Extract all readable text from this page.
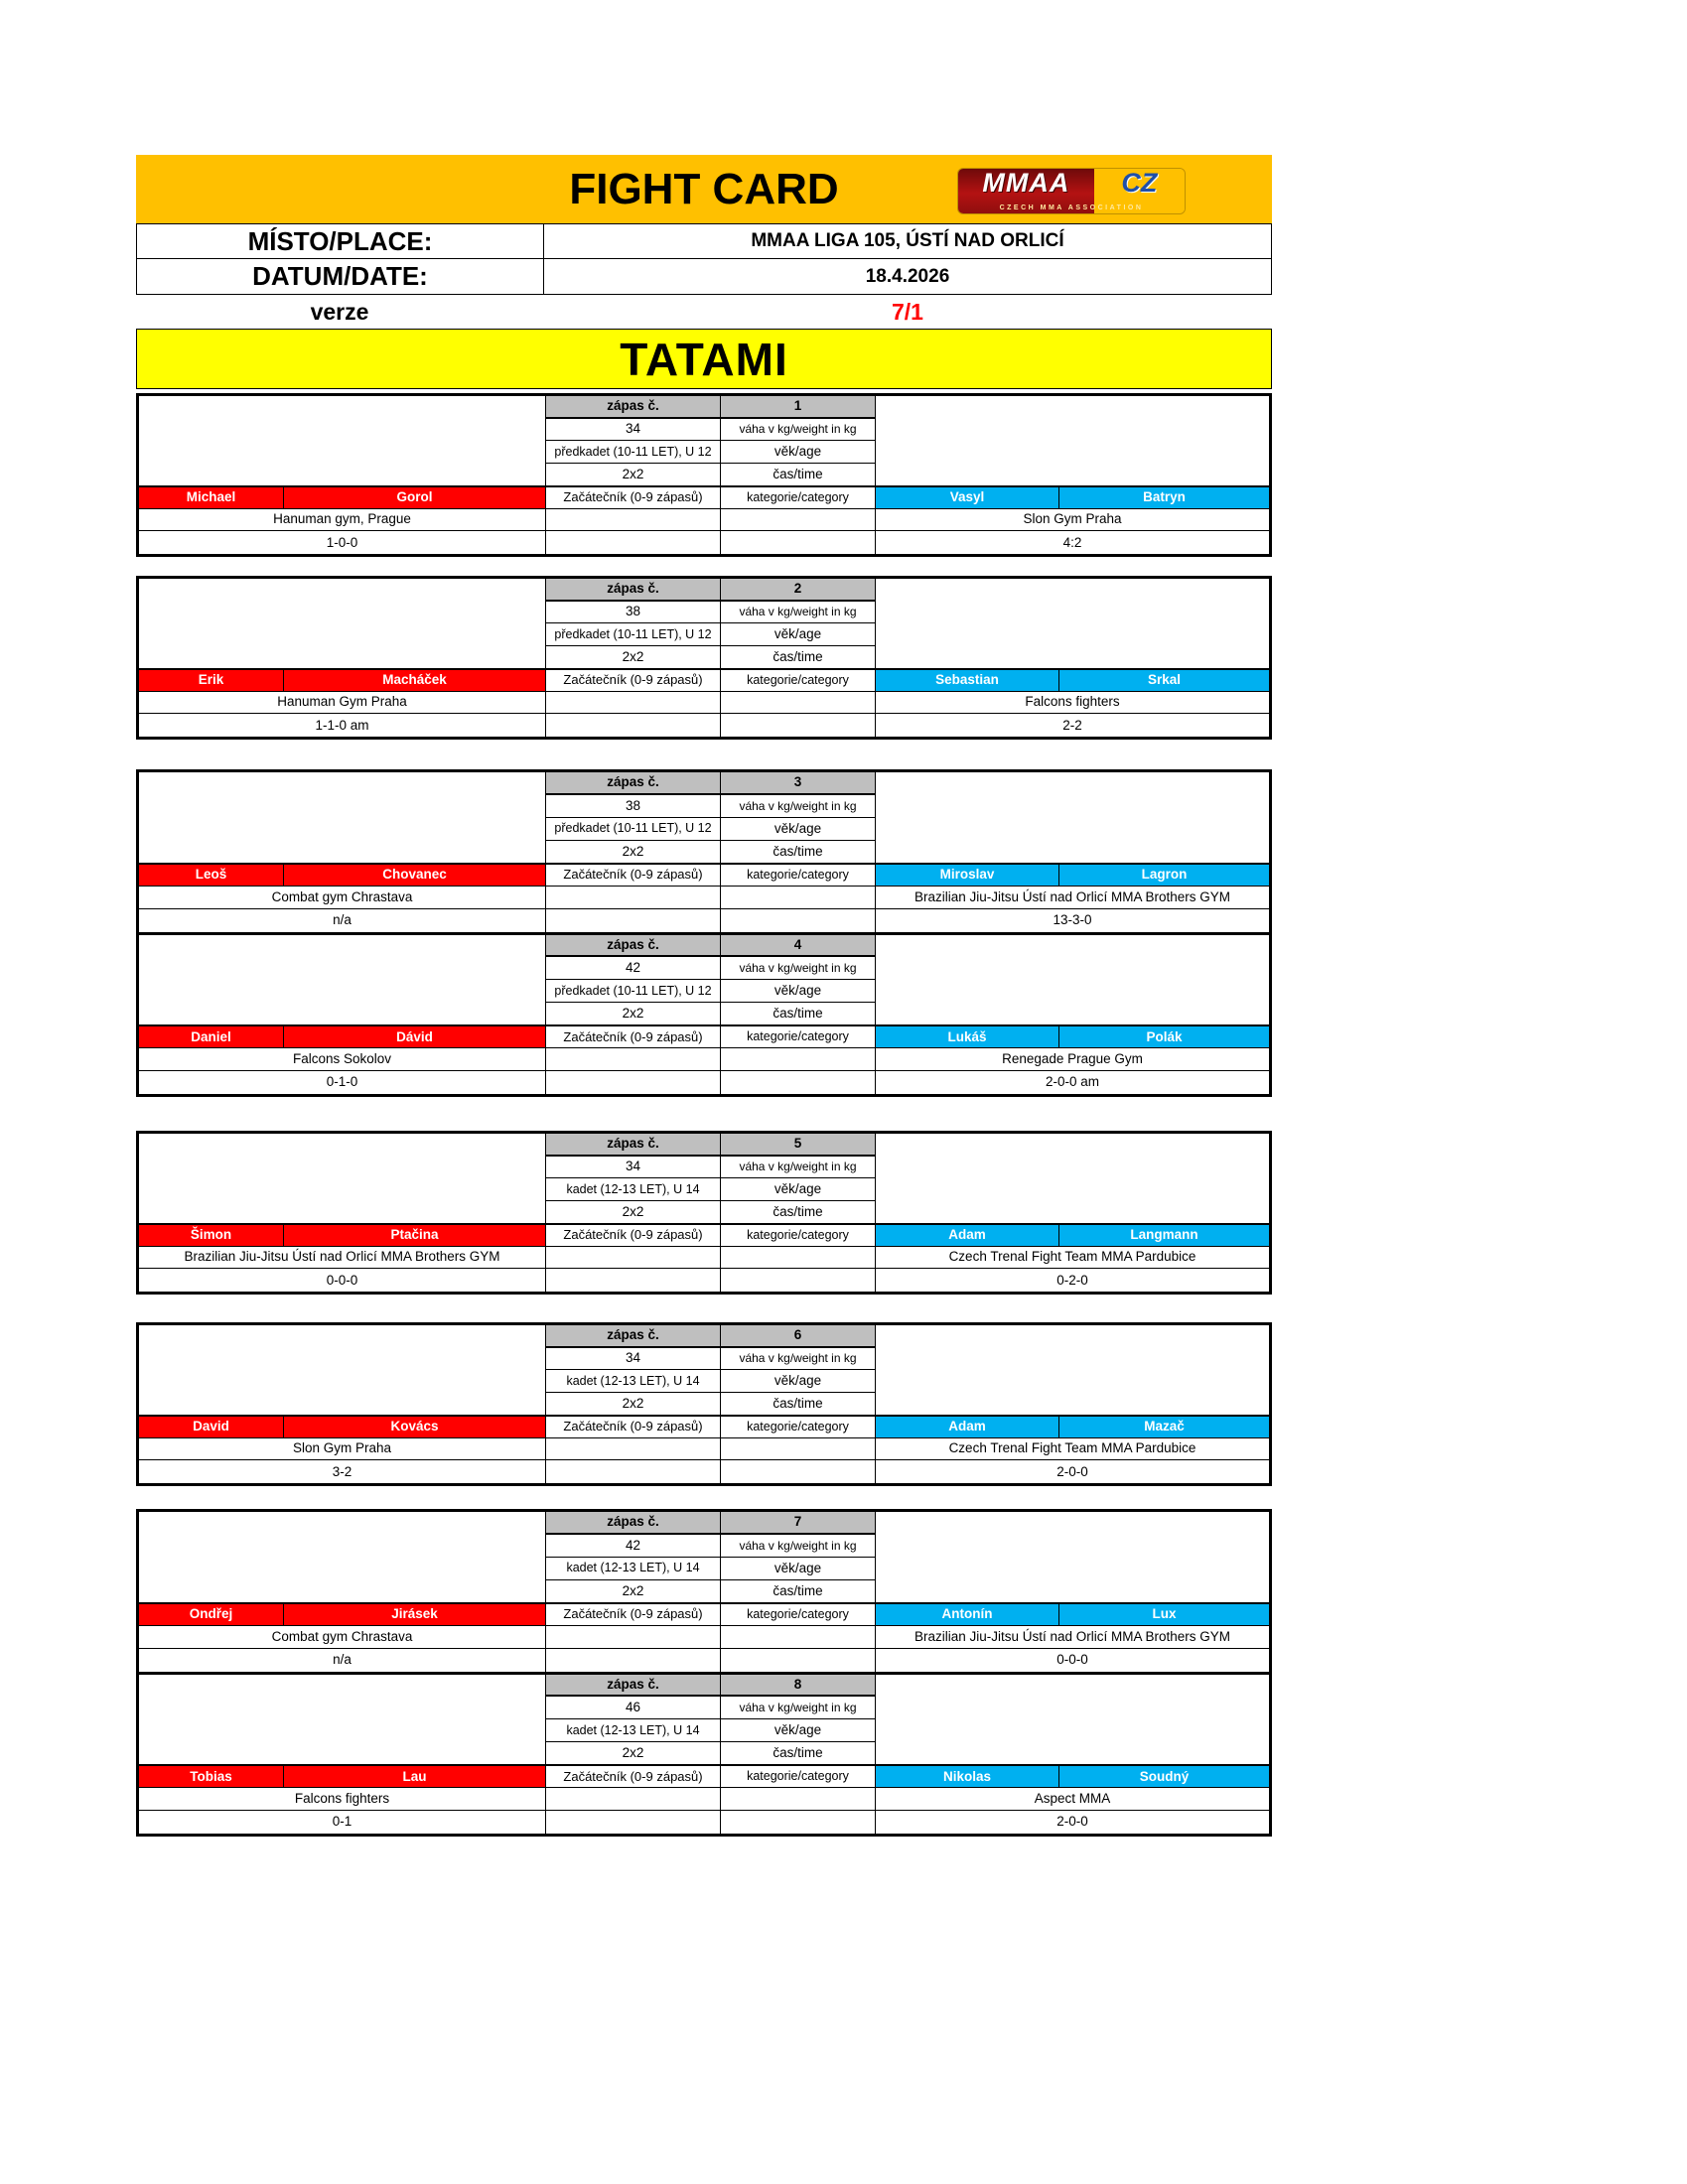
FIGHT CARD	MMAA CZ
CZECH MMA ASSOCIATION
MÍSTO/PLACE:	MMAA LIGA 105, ÚSTÍ NAD ORLICÍ
DATUM/DATE:	18.4.2026
verze	7/1
TATAMI
zápas č.	1
34	váha v kg/weight in kg
předkadet (10-11 LET), U 12	věk/age
2x2	čas/time
Michael	Gorol	Začátečník (0-9 zápasů)	kategorie/category	Vasyl	Batryn
Hanuman gym, Prague	Slon Gym Praha
1-0-0	4:2
zápas č.	2
38	váha v kg/weight in kg
předkadet (10-11 LET), U 12	věk/age
2x2	čas/time
Erik	Macháček	Začátečník (0-9 zápasů)	kategorie/category	Sebastian	Srkal
Hanuman Gym Praha	Falcons fighters
1-1-0 am	2-2
zápas č.	3
38	váha v kg/weight in kg
předkadet (10-11 LET), U 12	věk/age
2x2	čas/time
Leoš	Chovanec	Začátečník (0-9 zápasů)	kategorie/category	Miroslav	Lagron
Combat gym Chrastava	Brazilian Jiu-Jitsu Ústí nad Orlicí MMA Brothers GYM
n/a	13-3-0
zápas č.	4
42	váha v kg/weight in kg
předkadet (10-11 LET), U 12	věk/age
2x2	čas/time
Daniel	Dávid	Začátečník (0-9 zápasů)	kategorie/category	Lukáš	Polák
Falcons Sokolov	Renegade Prague Gym
0-1-0	2-0-0 am
zápas č.	5
34	váha v kg/weight in kg
kadet (12-13 LET), U 14	věk/age
2x2	čas/time
Šimon	Ptačina	Začátečník (0-9 zápasů)	kategorie/category	Adam	Langmann
Brazilian Jiu-Jitsu Ústí nad Orlicí MMA Brothers GYM	Czech Trenal Fight Team MMA Pardubice
0-0-0	0-2-0
zápas č.	6
34	váha v kg/weight in kg
kadet (12-13 LET), U 14	věk/age
2x2	čas/time
David	Kovács	Začátečník (0-9 zápasů)	kategorie/category	Adam	Mazač
Slon Gym Praha	Czech Trenal Fight Team MMA Pardubice
3-2	2-0-0
zápas č.	7
42	váha v kg/weight in kg
kadet (12-13 LET), U 14	věk/age
2x2	čas/time
Ondřej	Jirásek	Začátečník (0-9 zápasů)	kategorie/category	Antonín	Lux
Combat gym Chrastava	Brazilian Jiu-Jitsu Ústí nad Orlicí MMA Brothers GYM
n/a	0-0-0
zápas č.	8
46	váha v kg/weight in kg
kadet (12-13 LET), U 14	věk/age
2x2	čas/time
Tobias	Lau	Začátečník (0-9 zápasů)	kategorie/category	Nikolas	Soudný
Falcons fighters	Aspect MMA
0-1	2-0-0
